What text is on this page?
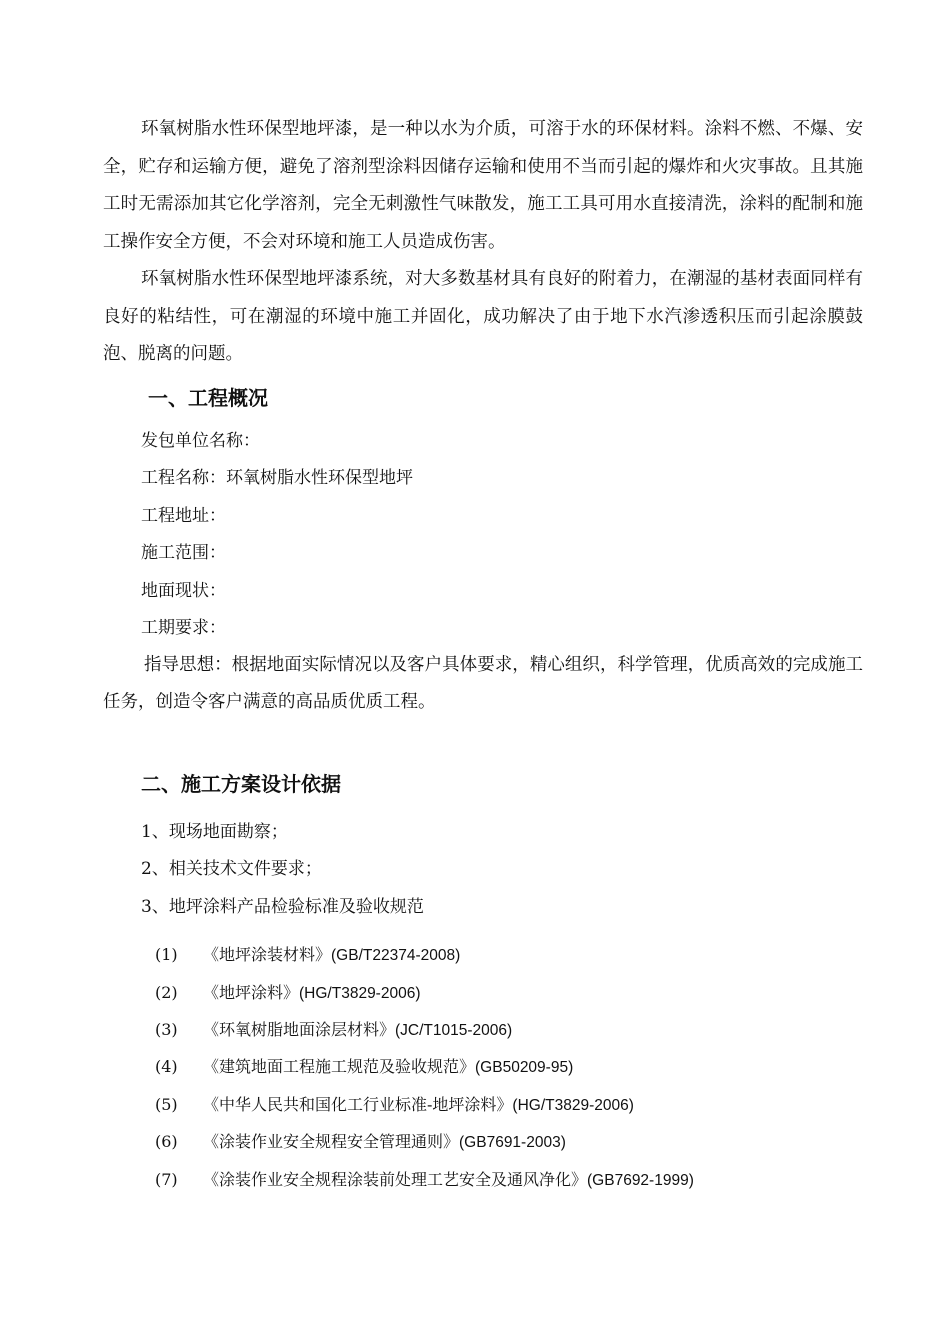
环氧树脂水性环保型地坪漆，是一种以水为介质，可溶于水的环保材料。涂料不燃、不爆、安全，贮存和运输方便，避免了溶剂型涂料因储存运输和使用不当而引起的爆炸和火灾事故。且其施工时无需添加其它化学溶剂，完全无刺激性气味散发，施工工具可用水直接清洗，涂料的配制和施工操作安全方便，不会对环境和施工人员造成伤害。

环氧树脂水性环保型地坪漆系统，对大多数基材具有良好的附着力，在潮湿的基材表面同样有良好的粘结性，可在潮湿的环境中施工并固化，成功解决了由于地下水汽渗透积压而引起涂膜鼓泡、脱离的问题。

一、工程概况

发包单位名称：

工程名称：环氧树脂水性环保型地坪

工程地址：

施工范围：

地面现状：

工期要求：

指导思想：根据地面实际情况以及客户具体要求，精心组织，科学管理，优质高效的完成施工任务，创造令客户满意的高品质优质工程。

二、施工方案设计依据

1、现场地面勘察；

2、相关技术文件要求；

3、地坪涂料产品检验标准及验收规范

(1) 《地坪涂装材料》(GB/T22374-2008)

(2) 《地坪涂料》(HG/T3829-2006)

(3) 《环氧树脂地面涂层材料》(JC/T1015-2006)

(4) 《建筑地面工程施工规范及验收规范》(GB50209-95)

(5) 《中华人民共和国化工行业标准-地坪涂料》(HG/T3829-2006)

(6) 《涂装作业安全规程安全管理通则》(GB7691-2003)

(7) 《涂装作业安全规程涂装前处理工艺安全及通风净化》(GB7692-1999)
